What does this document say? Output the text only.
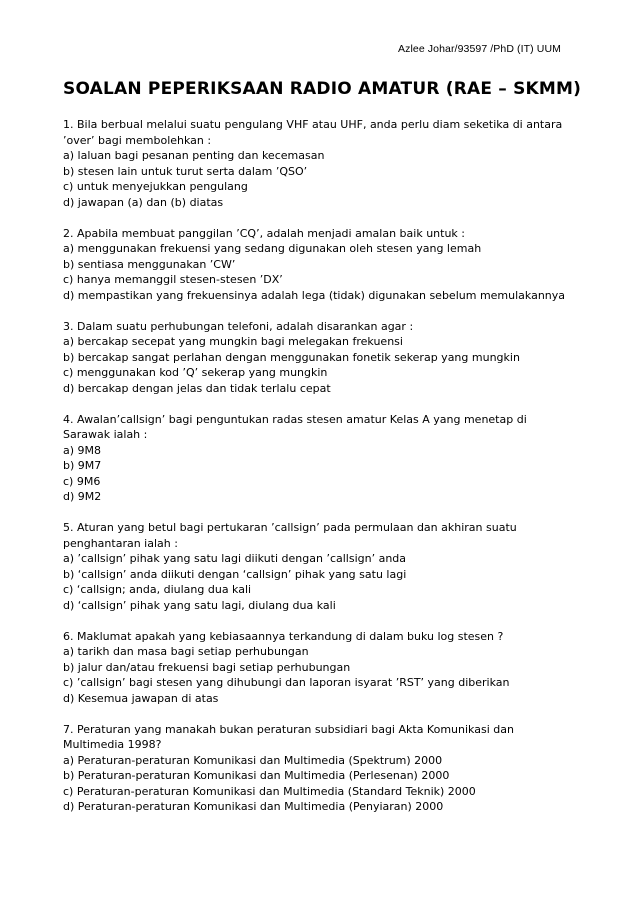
Azlee Johar/93597 /PhD (IT) UUM
SOALAN PEPERIKSAAN RADIO AMATUR (RAE – SKMM)
1. Bila berbual melalui suatu pengulang VHF atau UHF, anda perlu diam seketika di antara
’over’ bagi membolehkan :
a) laluan bagi pesanan penting dan kecemasan
b) stesen lain untuk turut serta dalam ’QSO’
c) untuk menyejukkan pengulang
d) jawapan (a) dan (b) diatas
2. Apabila membuat panggilan ’CQ’, adalah menjadi amalan baik untuk :
a) menggunakan frekuensi yang sedang digunakan oleh stesen yang lemah
b) sentiasa menggunakan ’CW’
c) hanya memanggil stesen-stesen ’DX’
d) mempastikan yang frekuensinya adalah lega (tidak) digunakan sebelum memulakannya
3. Dalam suatu perhubungan telefoni, adalah disarankan agar :
a) bercakap secepat yang mungkin bagi melegakan frekuensi
b) bercakap sangat perlahan dengan menggunakan fonetik sekerap yang mungkin
c) menggunakan kod ’Q’ sekerap yang mungkin
d) bercakap dengan jelas dan tidak terlalu cepat
4. Awalan’callsign’ bagi penguntukan radas stesen amatur Kelas A yang menetap di
Sarawak ialah :
a) 9M8
b) 9M7
c) 9M6
d) 9M2
5. Aturan yang betul bagi pertukaran ’callsign’ pada permulaan dan akhiran suatu
penghantaran ialah :
a) ’callsign’ pihak yang satu lagi diikuti dengan ’callsign’ anda
b) ‘callsign’ anda diikuti dengan ‘callsign’ pihak yang satu lagi
c) ‘callsign; anda, diulang dua kali
d) ‘callsign’ pihak yang satu lagi, diulang dua kali
6. Maklumat apakah yang kebiasaannya terkandung di dalam buku log stesen ?
a) tarikh dan masa bagi setiap perhubungan
b) jalur dan/atau frekuensi bagi setiap perhubungan
c) ’callsign’ bagi stesen yang dihubungi dan laporan isyarat ’RST’ yang diberikan
d) Kesemua jawapan di atas
7. Peraturan yang manakah bukan peraturan subsidiari bagi Akta Komunikasi dan
Multimedia 1998?
a) Peraturan-peraturan Komunikasi dan Multimedia (Spektrum) 2000
b) Peraturan-peraturan Komunikasi dan Multimedia (Perlesenan) 2000
c) Peraturan-peraturan Komunikasi dan Multimedia (Standard Teknik) 2000
d) Peraturan-peraturan Komunikasi dan Multimedia (Penyiaran) 2000
